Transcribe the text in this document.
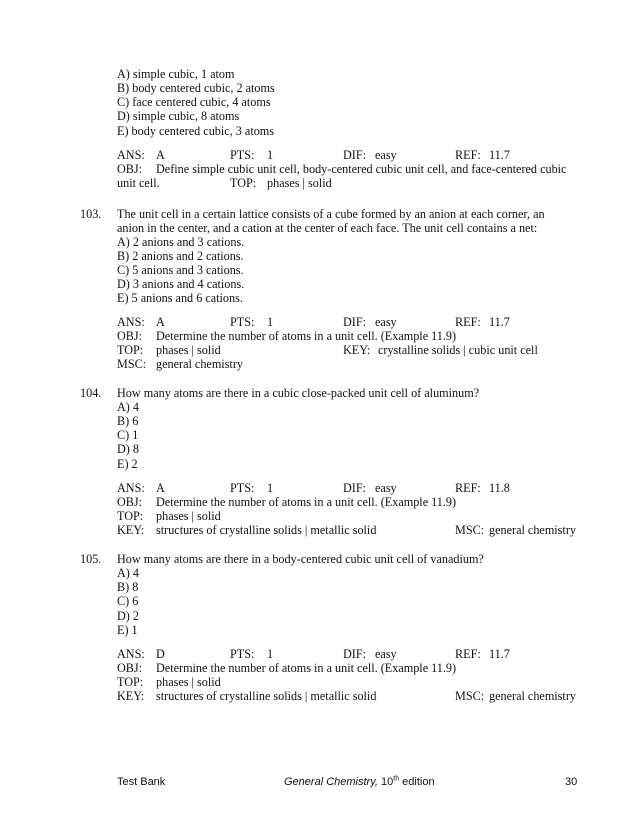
A) simple cubic, 1 atom
B) body centered cubic, 2 atoms
C) face centered cubic, 4 atoms
D) simple cubic, 8 atoms
E) body centered cubic, 3 atoms
ANS: A	PTS: 1	DIF: easy	REF: 11.7
OBJ: Define simple cubic unit cell, body-centered cubic unit cell, and face-centered cubic
unit cell.	TOP: phases | solid
103. The unit cell in a certain lattice consists of a cube formed by an anion at each corner, an
anion in the center, and a cation at the center of each face. The unit cell contains a net:
A) 2 anions and 3 cations.
B) 2 anions and 2 cations.
C) 5 anions and 3 cations.
D) 3 anions and 4 cations.
E) 5 anions and 6 cations.
ANS: A	PTS: 1	DIF: easy	REF: 11.7
OBJ: Determine the number of atoms in a unit cell. (Example 11.9)
TOP: phases | solid	KEY: crystalline solids | cubic unit cell
MSC: general chemistry
104. How many atoms are there in a cubic close-packed unit cell of aluminum?
A) 4
B) 6
C) 1
D) 8
E) 2
ANS: A	PTS: 1	DIF: easy	REF: 11.8
OBJ: Determine the number of atoms in a unit cell. (Example 11.9)
TOP: phases | solid
KEY: structures of crystalline solids | metallic solid	MSC: general chemistry
105. How many atoms are there in a body-centered cubic unit cell of vanadium?
A) 4
B) 8
C) 6
D) 2
E) 1
ANS: D	PTS: 1	DIF: easy	REF: 11.7
OBJ: Determine the number of atoms in a unit cell. (Example 11.9)
TOP: phases | solid
KEY: structures of crystalline solids | metallic solid	MSC: general chemistry
Test Bank	General Chemistry, 10th edition	30
